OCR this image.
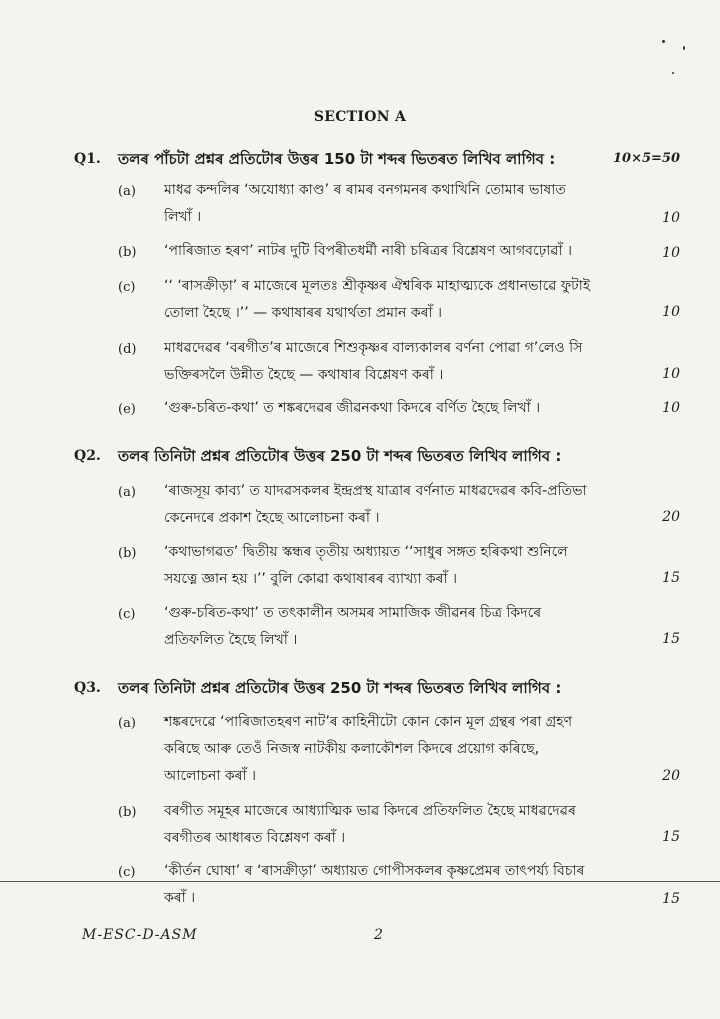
SECTION A
Q1. তলৰ পাঁচটা প্ৰশ্নৰ প্ৰতিটোৰ উত্তৰ 150 টা শব্দৰ ভিতৰত লিখিব লাগিব :	10×5=50
(a) মাধৱ কন্দলিৰ ‘অযোধ্যা কাণ্ড’ ৰ ৰামৰ বনগমনৰ কথাখিনি তোমাৰ ভাষাত
লিখাঁ ।	10
(b) ‘পাৰিজাত হৰণ’ নাটৰ দুটি বিপৰীতধৰ্মী নাৰী চৰিত্ৰৰ বিশ্লেষণ আগবঢ়োৱাঁ ।	10
(c) ‘‘ ‘ৰাসক্ৰীড়া’ ৰ মাজেৰে মূলতঃ শ্ৰীকৃষ্ণৰ ঐশ্বৰিক মাহাত্ম্যকে প্ৰধানভাৱে ফুটাই
তোলা হৈছে ।’’ — কথাষাৰৰ যথাৰ্থতা প্ৰমান কৰাঁ ।	10
(d) মাধৱদেৱৰ ‘বৰগীত’ৰ মাজেৰে শিশুকৃষ্ণৰ বাল্যকালৰ বৰ্ণনা পোৱা গ’লেও সি
ভক্তিৰসলৈ উন্নীত হৈছে — কথাষাৰ বিশ্লেষণ কৰাঁ ।	10
(e) ‘গুৰু-চৰিত-কথা’ ত শঙ্কৰদেৱৰ জীৱনকথা কিদৰে বৰ্ণিত হৈছে লিখাঁ ।	10
Q2. তলৰ তিনিটা প্ৰশ্নৰ প্ৰতিটোৰ উত্তৰ 250 টা শব্দৰ ভিতৰত লিখিব লাগিব :
(a) ‘ৰাজসূয় কাব্য’ ত যাদৱসকলৰ ইন্দ্ৰপ্ৰস্থ যাত্ৰাৰ বৰ্ণনাত মাধৱদেৱৰ কবি-প্ৰতিভা
কেনেদৰে প্ৰকাশ হৈছে আলোচনা কৰাঁ ।	20
(b) ‘কথাভাগৱত’ দ্বিতীয় স্কন্ধৰ তৃতীয় অধ্যায়ত ‘‘সাধুৰ সঙ্গত হৰিকথা শুনিলে
সযত্নে জ্ঞান হয় ।’’ বুলি কোৱা কথাষাৰৰ ব্যাখ্যা কৰাঁ ।	15
(c) ‘গুৰু-চৰিত-কথা’ ত তৎকালীন অসমৰ সামাজিক জীৱনৰ চিত্ৰ কিদৰে
প্ৰতিফলিত হৈছে লিখাঁ ।	15
Q3. তলৰ তিনিটা প্ৰশ্নৰ প্ৰতিটোৰ উত্তৰ 250 টা শব্দৰ ভিতৰত লিখিব লাগিব :
(a) শঙ্কৰদেৱে ‘পাৰিজাতহৰণ নাট’ৰ কাহিনীটো কোন কোন মূল গ্ৰন্থৰ পৰা গ্ৰহণ
কৰিছে আৰু তেওঁ নিজস্ব নাটকীয় কলাকৌশল কিদৰে প্ৰয়োগ কৰিছে,
আলোচনা কৰাঁ ।	20
(b) বৰগীত সমূহৰ মাজেৰে আধ্যাত্মিক ভাৱ কিদৰে প্ৰতিফলিত হৈছে মাধৱদেৱৰ
বৰগীতৰ আধাৰত বিশ্লেষণ কৰাঁ ।	15
(c) ‘কীৰ্তন ঘোষা’ ৰ ‘ৰাসক্ৰীড়া’ অধ্যায়ত গোপীসকলৰ কৃষ্ণপ্ৰেমৰ তাৎপৰ্য্য বিচাৰ
কৰাঁ ।	15
M-ESC-D-ASM	2
